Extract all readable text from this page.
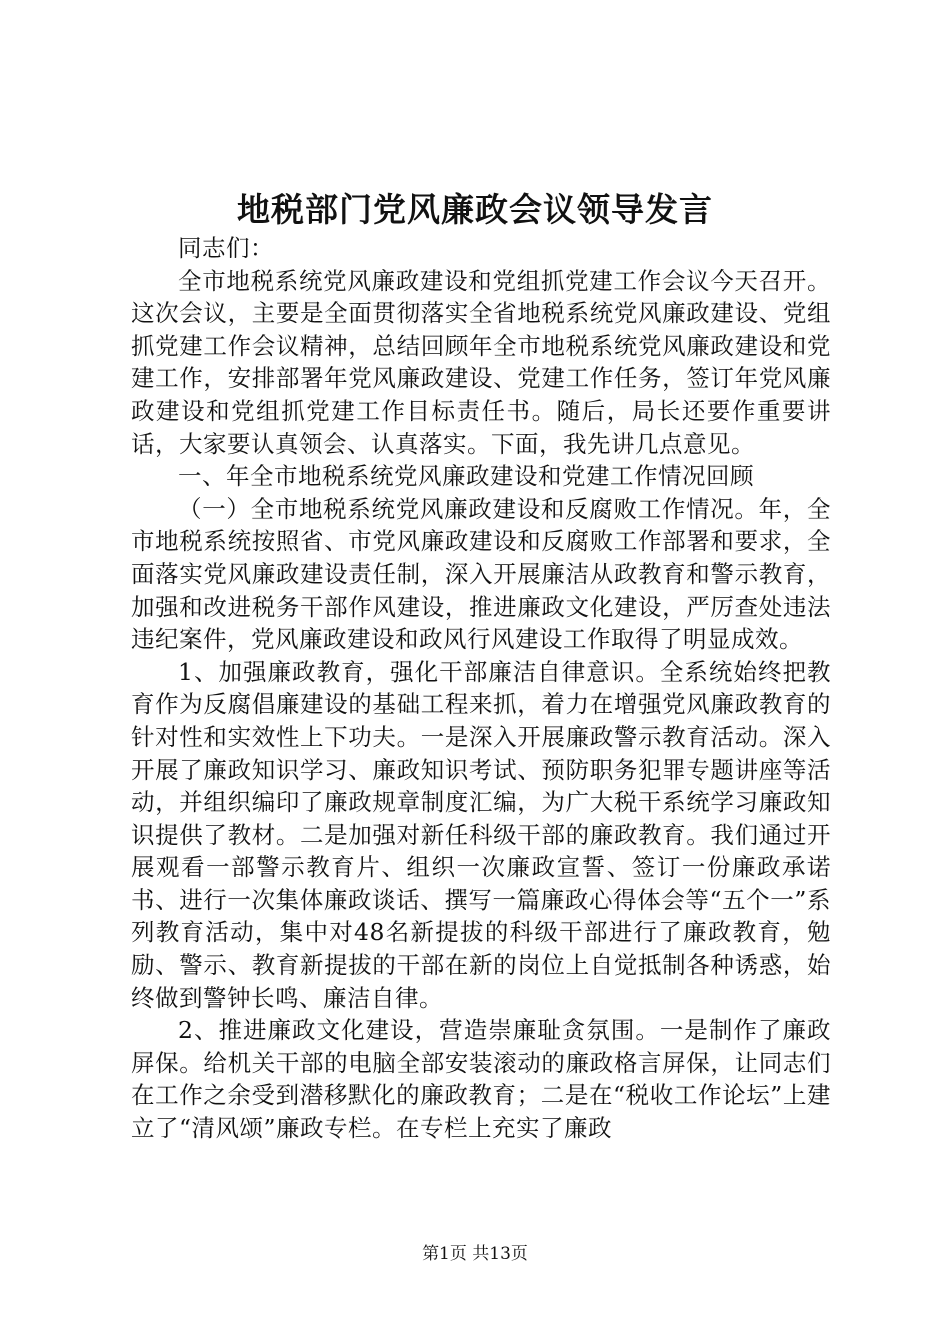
地税部门党风廉政会议领导发言

同志们：

全市地税系统党风廉政建设和党组抓党建工作会议今天召开。这次会议，主要是全面贯彻落实全省地税系统党风廉政建设、党组抓党建工作会议精神，总结回顾年全市地税系统党风廉政建设和党建工作，安排部署年党风廉政建设、党建工作任务，签订年党风廉政建设和党组抓党建工作目标责任书。随后，局长还要作重要讲话，大家要认真领会、认真落实。下面，我先讲几点意见。

一、年全市地税系统党风廉政建设和党建工作情况回顾

（一）全市地税系统党风廉政建设和反腐败工作情况。年，全市地税系统按照省、市党风廉政建设和反腐败工作部署和要求，全面落实党风廉政建设责任制，深入开展廉洁从政教育和警示教育，加强和改进税务干部作风建设，推进廉政文化建设，严厉查处违法违纪案件，党风廉政建设和政风行风建设工作取得了明显成效。

1、加强廉政教育，强化干部廉洁自律意识。全系统始终把教育作为反腐倡廉建设的基础工程来抓，着力在增强党风廉政教育的针对性和实效性上下功夫。一是深入开展廉政警示教育活动。深入开展了廉政知识学习、廉政知识考试、预防职务犯罪专题讲座等活动，并组织编印了廉政规章制度汇编，为广大税干系统学习廉政知识提供了教材。二是加强对新任科级干部的廉政教育。我们通过开展观看一部警示教育片、组织一次廉政宣誓、签订一份廉政承诺书、进行一次集体廉政谈话、撰写一篇廉政心得体会等“五个一”系列教育活动，集中对48名新提拔的科级干部进行了廉政教育，勉励、警示、教育新提拔的干部在新的岗位上自觉抵制各种诱惑，始终做到警钟长鸣、廉洁自律。

2、推进廉政文化建设，营造崇廉耻贪氛围。一是制作了廉政屏保。给机关干部的电脑全部安装滚动的廉政格言屏保，让同志们在工作之余受到潜移默化的廉政教育；二是在“税收工作论坛”上建立了“清风颂”廉政专栏。在专栏上充实了廉政

第1页 共13页
